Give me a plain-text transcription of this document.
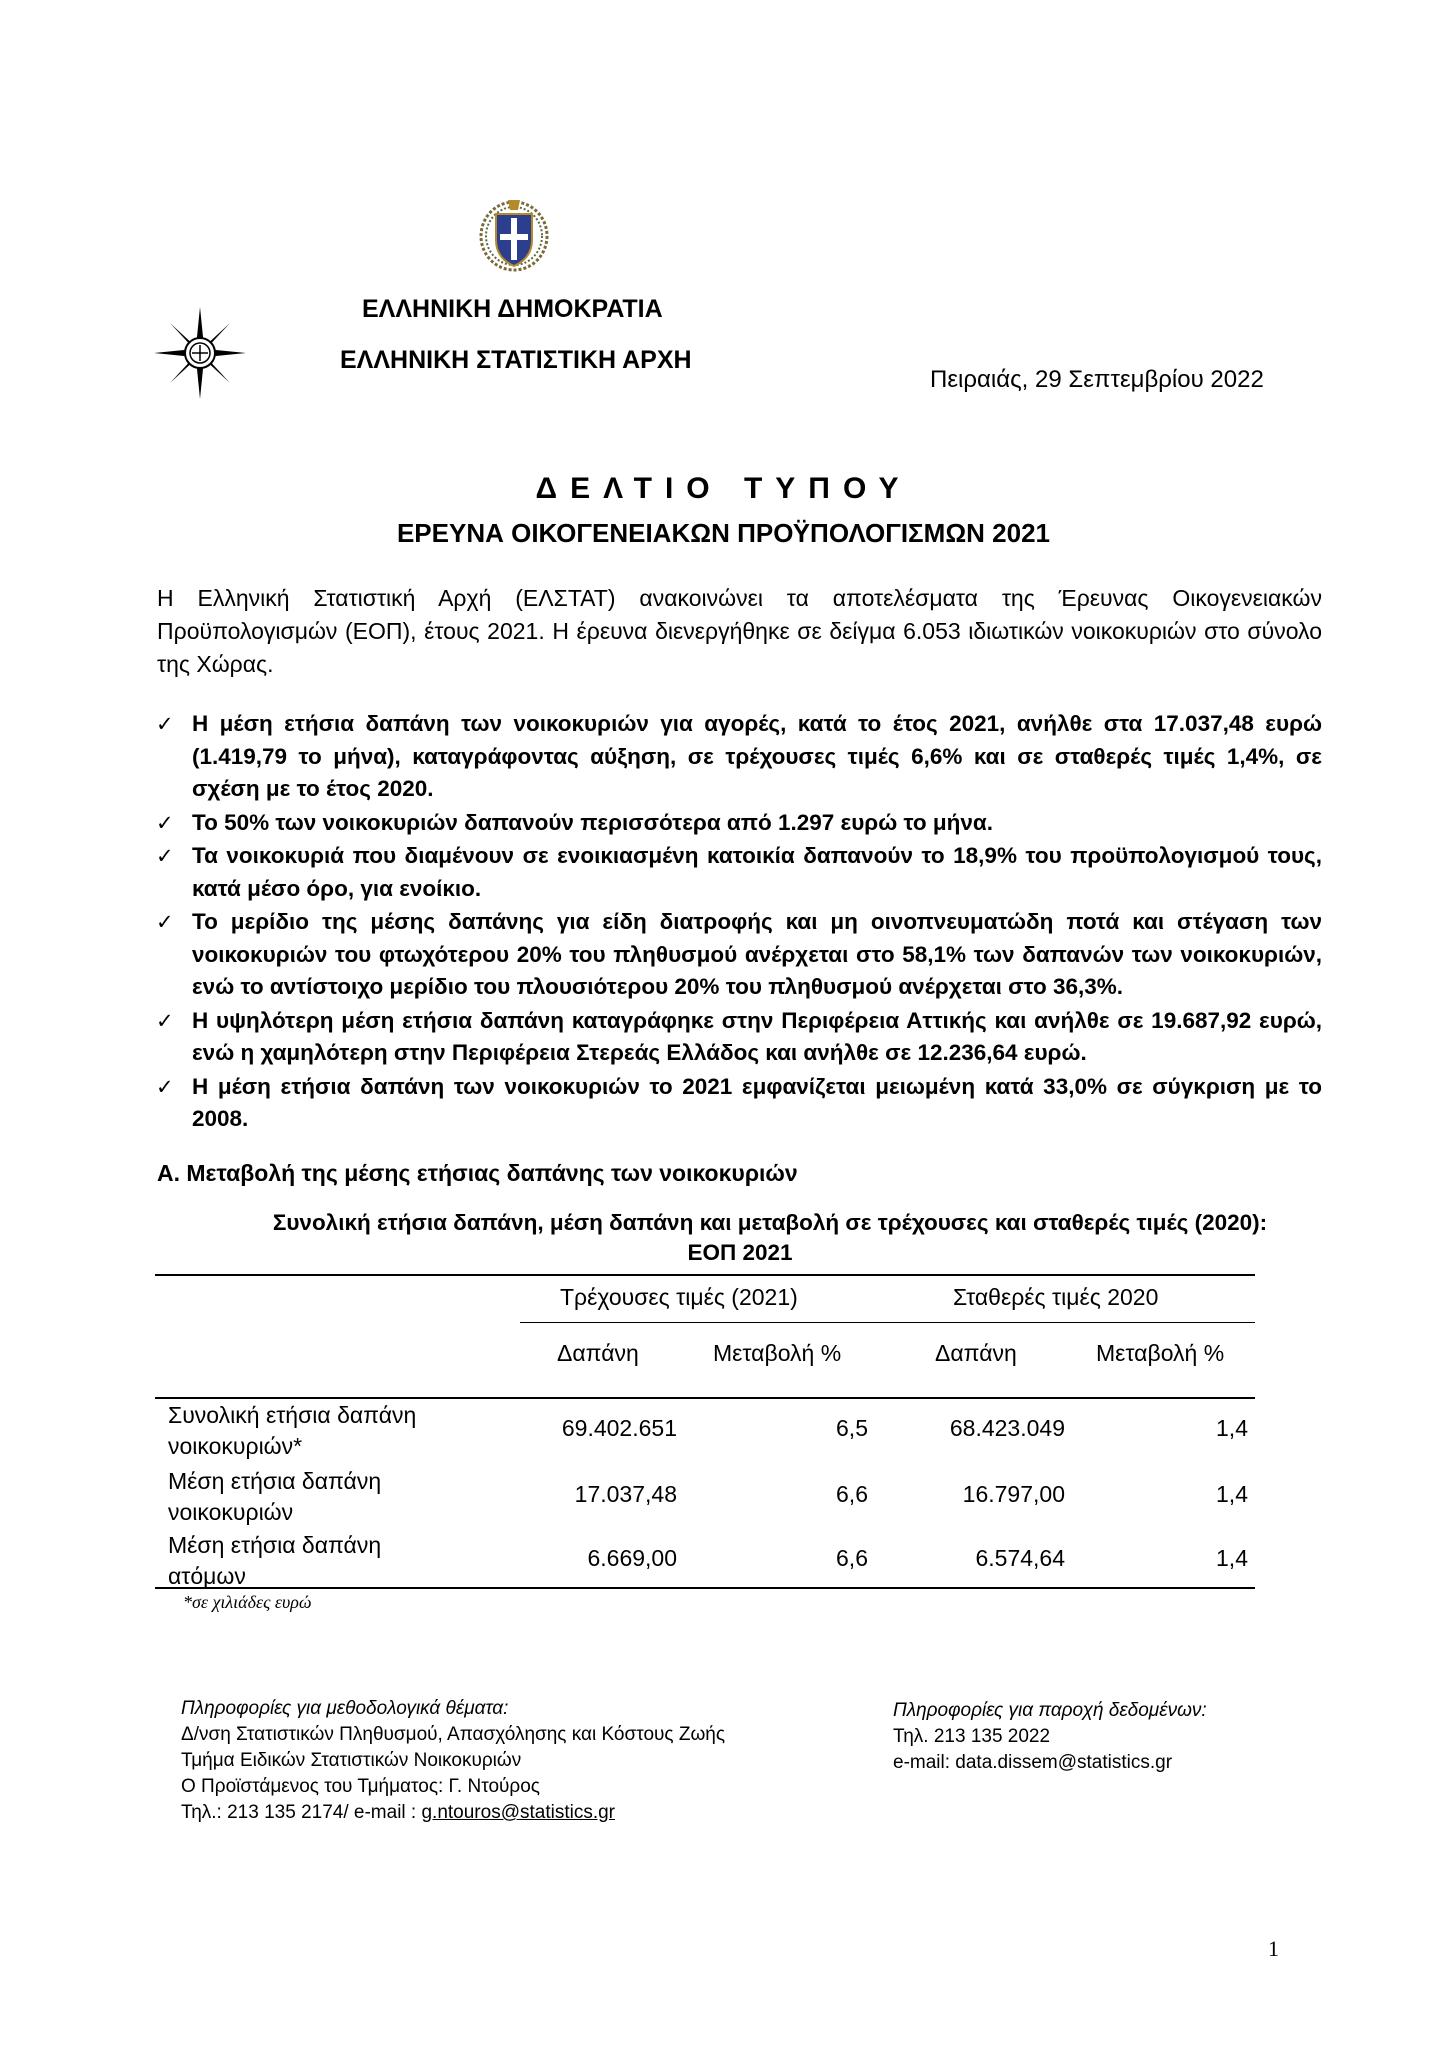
ΕΛΛΗΝΙΚΗ ΔΗΜΟΚΡΑΤΙΑ
ΕΛΛΗΝΙΚΗ ΣΤΑΤΙΣΤΙΚΗ ΑΡΧΗ
Πειραιάς, 29 Σεπτεμβρίου 2022
ΔΕΛΤΙΟ ΤΥΠΟΥ
ΕΡΕΥΝΑ ΟΙΚΟΓΕΝΕΙΑΚΩΝ ΠΡΟΫΠΟΛΟΓΙΣΜΩΝ 2021
Η Ελληνική Στατιστική Αρχή (ΕΛΣΤΑΤ) ανακοινώνει τα αποτελέσματα της Έρευνας Οικογενειακών Προϋπολογισμών (ΕΟΠ), έτους 2021. Η έρευνα διενεργήθηκε σε δείγμα 6.053 ιδιωτικών νοικοκυριών στο σύνολο της Χώρας.
✓ Η μέση ετήσια δαπάνη των νοικοκυριών για αγορές, κατά το έτος 2021, ανήλθε στα 17.037,48 ευρώ (1.419,79 το μήνα), καταγράφοντας αύξηση, σε τρέχουσες τιμές 6,6% και σε σταθερές τιμές 1,4%, σε σχέση με το έτος 2020.
✓ Το 50% των νοικοκυριών δαπανούν περισσότερα από 1.297 ευρώ το μήνα.
✓ Τα νοικοκυριά που διαμένουν σε ενοικιασμένη κατοικία δαπανούν το 18,9% του προϋπολογισμού τους, κατά μέσο όρο, για ενοίκιο.
✓ Το μερίδιο της μέσης δαπάνης για είδη διατροφής και μη οινοπνευματώδη ποτά και στέγαση των νοικοκυριών του φτωχότερου 20% του πληθυσμού ανέρχεται στο 58,1% των δαπανών των νοικοκυριών, ενώ το αντίστοιχο μερίδιο του πλουσιότερου 20% του πληθυσμού ανέρχεται στο 36,3%.
✓ Η υψηλότερη μέση ετήσια δαπάνη καταγράφηκε στην Περιφέρεια Αττικής και ανήλθε σε 19.687,92 ευρώ, ενώ η χαμηλότερη στην Περιφέρεια Στερεάς Ελλάδος και ανήλθε σε 12.236,64 ευρώ.
✓ Η μέση ετήσια δαπάνη των νοικοκυριών το 2021 εμφανίζεται μειωμένη κατά 33,0% σε σύγκριση με το 2008.
Α. Μεταβολή της μέσης ετήσιας δαπάνης των νοικοκυριών
Συνολική ετήσια δαπάνη, μέση δαπάνη και μεταβολή σε τρέχουσες και σταθερές τιμές (2020):
ΕΟΠ 2021
Τρέχουσες τιμές (2021)	Σταθερές τιμές 2020
Δαπάνη	Μεταβολή %	Δαπάνη	Μεταβολή %
Συνολική ετήσια δαπάνη
νοικοκυριών*
69.402.651	6,5	68.423.049	1,4
Μέση ετήσια δαπάνη
νοικοκυριών
17.037,48	6,6	16.797,00	1,4
Μέση ετήσια δαπάνη
ατόμων
6.669,00	6,6	6.574,64	1,4
*σε χιλιάδες ευρώ
Πληροφορίες για μεθοδολογικά θέματα:
Δ/νση Στατιστικών Πληθυσμού, Απασχόλησης και Κόστους Ζωής
Τμήμα Ειδικών Στατιστικών Νοικοκυριών
Ο Προϊστάμενος του Τμήματος: Γ. Ντούρος
Τηλ.: 213 135 2174/ e-mail : g.ntouros@statistics.gr
Πληροφορίες για παροχή δεδομένων:
Τηλ. 213 135 2022
e-mail: data.dissem@statistics.gr
1
